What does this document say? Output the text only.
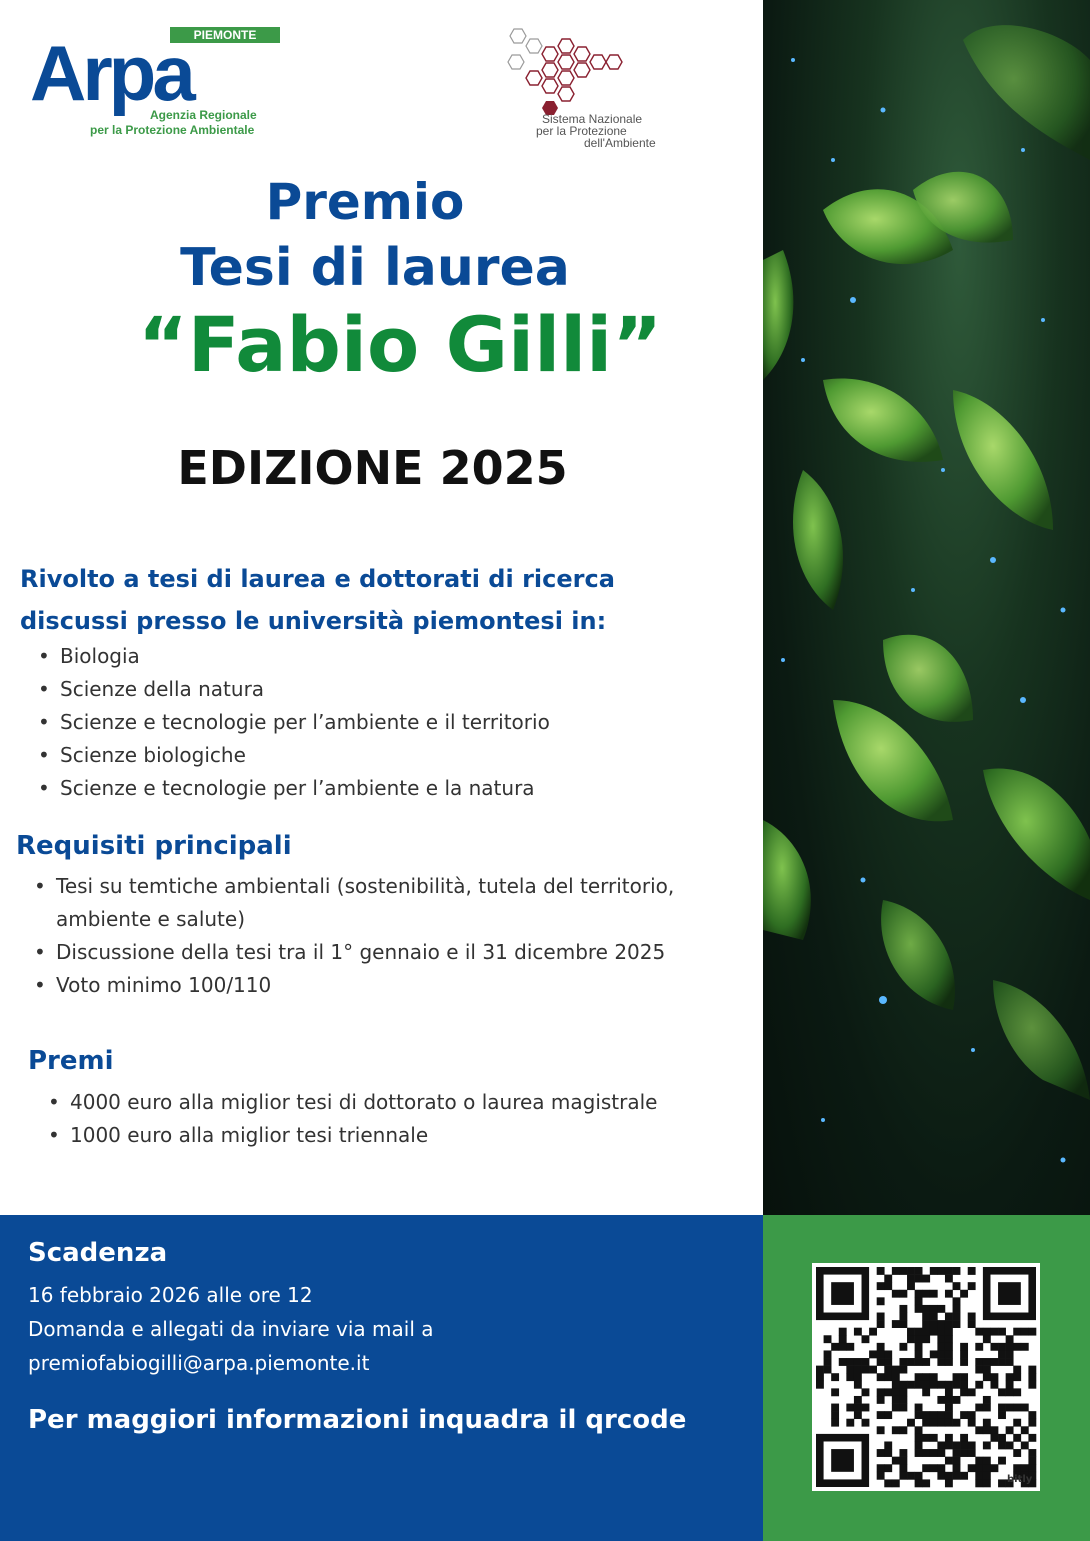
PIEMONTE
Arpa
Agenzia Regionale
per la Protezione Ambientale
Sistema Nazionale
per la Protezione
dell'Ambiente
Premio
Tesi di laurea
“Fabio Gilli”
EDIZIONE 2025
Rivolto a tesi di laurea e dottorati di ricerca
discussi presso le università piemontesi in:
• Biologia
• Scienze della natura
• Scienze e tecnologie per l’ambiente e il territorio
• Scienze biologiche
• Scienze e tecnologie per l’ambiente e la natura
Requisiti principali
• Tesi su temtiche ambientali (sostenibilità, tutela del territorio, ambiente e salute)
• Discussione della tesi tra il 1° gennaio e il 31 dicembre 2025
• Voto minimo 100/110
Premi
• 4000 euro alla miglior tesi di dottorato o laurea magistrale
• 1000 euro alla miglior tesi triennale
Scadenza
16 febbraio 2026 alle ore 12
Domanda e allegati da inviare via mail a
premiofabiogilli@arpa.piemonte.it
Per maggiori informazioni inquadra il qrcode
bitly
